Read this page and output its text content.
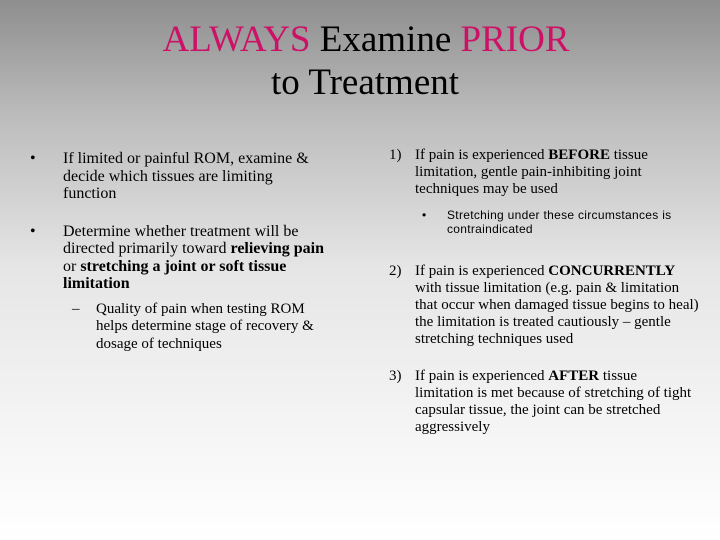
ALWAYS Examine PRIOR
to Treatment
•	If limited or painful ROM, examine & decide which tissues are limiting function
•	Determine whether treatment will be directed primarily toward relieving pain or stretching a joint or soft tissue limitation
–	Quality of pain when testing ROM helps determine stage of recovery & dosage of techniques
1) If pain is experienced BEFORE tissue limitation, gentle pain-inhibiting joint techniques may be used
•	Stretching under these circumstances is contraindicated
2) If pain is experienced CONCURRENTLY with tissue limitation (e.g. pain & limitation that occur when damaged tissue begins to heal) the limitation is treated cautiously – gentle stretching techniques used
3) If pain is experienced AFTER tissue limitation is met because of stretching of tight capsular tissue, the joint can be stretched aggressively
